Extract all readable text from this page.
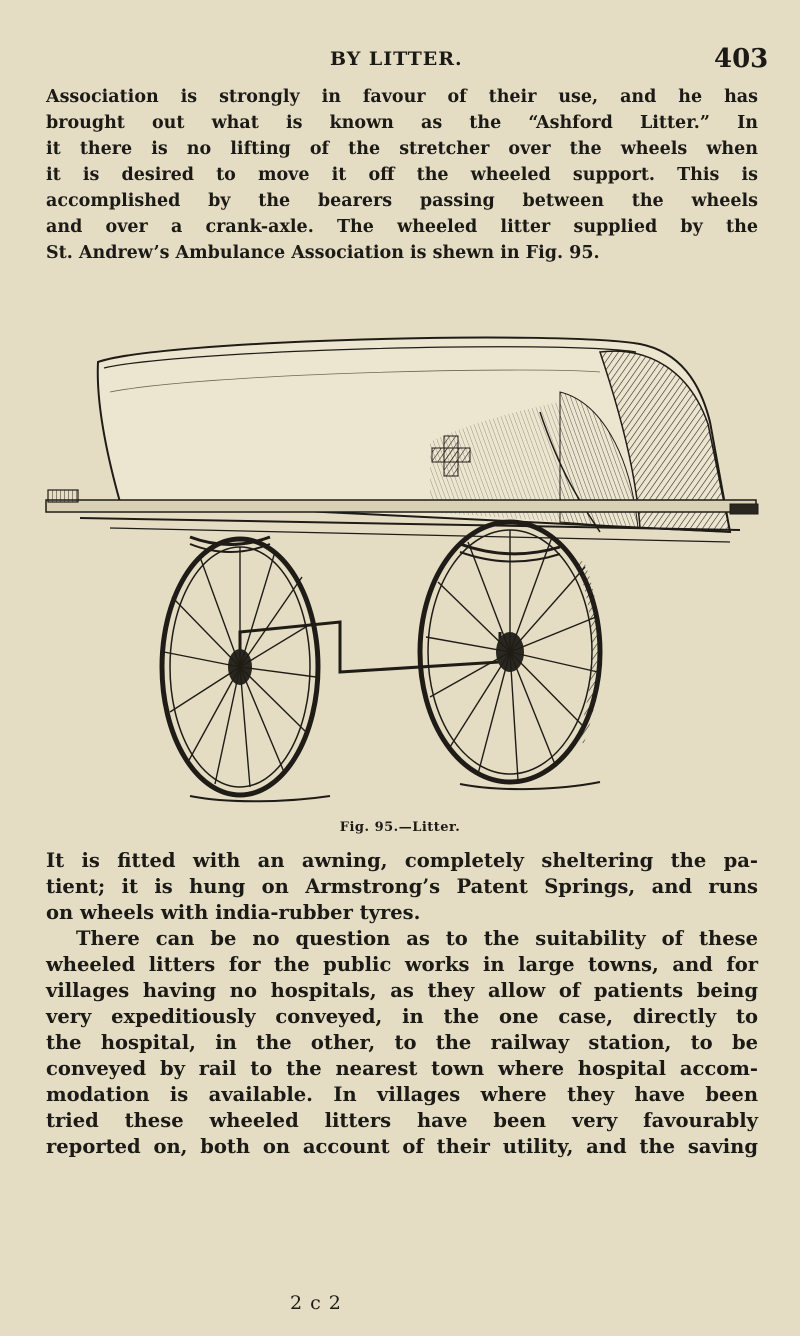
BY LITTER.	403

Association is strongly in favour of their use, and he has
brought out what is known as the “Ashford Litter.” In
it there is no lifting of the stretcher over the wheels when
it is desired to move it off the wheeled support. This is
accomplished by the bearers passing between the wheels
and over a crank-axle. The wheeled litter supplied by the
St. Andrew’s Ambulance Association is shewn in Fig. 95.

Fig. 95.—Litter.

It is fitted with an awning, completely sheltering the pa-
tient; it is hung on Armstrong’s Patent Springs, and runs
on wheels with india-rubber tyres.

There can be no question as to the suitability of these
wheeled litters for the public works in large towns, and for
villages having no hospitals, as they allow of patients being
very expeditiously conveyed, in the one case, directly to
the hospital, in the other, to the railway station, to be
conveyed by rail to the nearest town where hospital accom-
modation is available. In villages where they have been
tried these wheeled litters have been very favourably
reported on, both on account of their utility, and the saving

2 c 2
